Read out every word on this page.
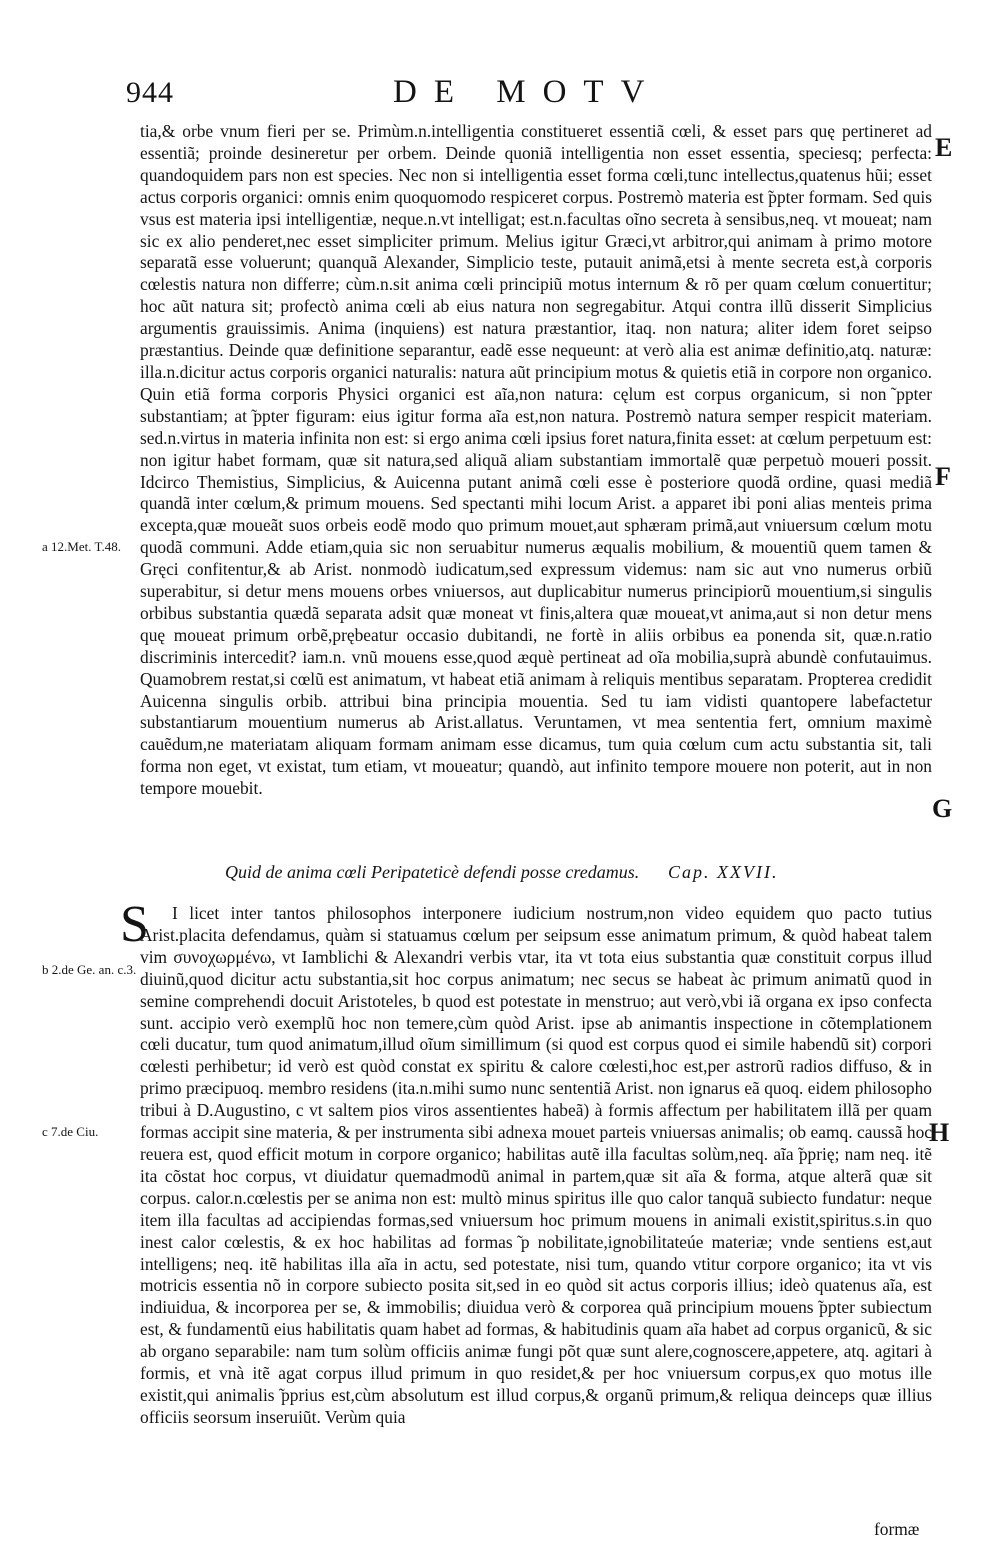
944	DE MOTV

tia,& orbe vnum fieri per se. Primùm.n.intelligentia constitueret essentiã cœli, & esset pars quę pertineret ad essentiã; proinde desineretur per orbem. Deinde quoniã intelligentia non esset essentia, speciesq; perfecta: quandoquidem pars non est species. Nec non si intelligentia esset forma cœli,tunc intellectus,quatenus hũi; esset actus corporis organici: omnis enim quoquomodo respiceret corpus. Postremò materia est ̃ppter formam. Sed quis vsus est materia ipsi intelligentiæ, neque.n.vt intelligat; est.n.facultas oĩno secreta à sensibus,neq. vt moueat; nam sic ex alio penderet,nec esset simpliciter primum. Melius igitur Græci,vt arbitror,qui animam à primo motore separatã esse voluerunt; quanquã Alexander, Simplicio teste, putauit animã,etsi à mente secreta est,à corporis cœlestis natura non differre; cùm.n.sit anima cœli principiũ motus internum & rõ per quam cœlum conuertitur; hoc aũt natura sit; profectò anima cœli ab eius natura non segregabitur. Atqui contra illũ disserit Simplicius argumentis grauissimis. Anima (inquiens) est natura præstantior, itaq. non natura; aliter idem foret seipso præstantius. Deinde quæ definitione separantur, eadẽ esse nequeunt: at verò alia est animæ definitio,atq. naturæ: illa.n.dicitur actus corporis organici naturalis: natura aũt principium motus & quietis etiã in corpore non organico. Quin etiã forma corporis Physici organici est aĩa,non natura: cęlum est corpus organicum, si non ̃ppter substantiam; at ̃ppter figuram: eius igitur forma aĩa est,non natura. Postremò natura semper respicit materiam. sed.n.virtus in materia infinita non est: si ergo anima cœli ipsius foret natura,finita esset: at cœlum perpetuum est: non igitur habet formam, quæ sit natura,sed aliquã aliam substantiam immortalẽ quæ perpetuò moueri possit. Idcirco Themistius, Simplicius, & Auicenna putant animã cœli esse è posteriore quodã ordine, quasi mediã quandã inter cœlum,& primum mouens. Sed spectanti mihi locum Arist. a apparet ibi poni alias menteis prima excepta,quæ moueãt suos orbeis eodẽ modo quo primum mouet,aut sphæram primã,aut vniuersum cœlum motu quodã communi. Adde etiam,quia sic non seruabitur numerus æqualis mobilium, & mouentiũ quem tamen & Gręci confitentur,& ab Arist. nonmodò iudicatum,sed expressum videmus: nam sic aut vno numerus orbiũ superabitur, si detur mens mouens orbes vniuersos, aut duplicabitur numerus principiorũ mouentium,si singulis orbibus substantia quædã separata adsit quæ moneat vt finis,altera quæ moueat,vt anima,aut si non detur mens quę moueat primum orbẽ,prębeatur occasio dubitandi, ne fortè in aliis orbibus ea ponenda sit, quæ.n.ratio discriminis intercedit? iam.n. vnũ mouens esse,quod æquè pertineat ad oĩa mobilia,suprà abundè confutauimus. Quamobrem restat,si cœlũ est animatum, vt habeat etiã animam à reliquis mentibus separatam. Propterea credidit Auicenna singulis orbib. attribui bina principia mouentia. Sed tu iam vidisti quantopere labefactetur substantiarum mouentium numerus ab Arist.allatus. Veruntamen, vt mea sententia fert, omnium maximè cauẽdum,ne materiatam aliquam formam animam esse dicamus, tum quia cœlum cum actu substantia sit, tali forma non eget, vt existat, tum etiam, vt moueatur; quandò, aut infinito tempore mouere non poterit, aut in non tempore mouebit.

Quid de anima cœli Peripateticè defendi posse credamus. Cap. XXVII.
S	I licet inter tantos philosophos interponere iudicium nostrum,non video equidem quo pacto tutius Arist.placita defendamus, quàm si statuamus cœlum per seipsum esse animatum primum, & quòd habeat talem vim συνοχωρμένω, vt Iamblichi & Alexandri verbis vtar, ita vt tota eius substantia quæ constituit corpus illud diuinũ,quod dicitur actu substantia,sit hoc corpus animatum; nec secus se habeat àc primum animatũ quod in semine comprehendi docuit Aristoteles, b quod est potestate in menstruo; aut verò,vbi iã organa ex ipso confecta sunt. accipio verò exemplũ hoc non temere,cùm quòd Arist. ipse ab animantis inspectione in cõtemplationem cœli ducatur, tum quod animatum,illud oĩum simillimum (si quod est corpus quod ei simile habendũ sit) corpori cœlesti perhibetur; id verò est quòd constat ex spiritu & calore cœlesti,hoc est,per astrorũ radios diffuso, & in primo præcipuoq. membro residens (ita.n.mihi sumo nunc sententiã Arist. non ignarus eã quoq. eidem philosopho tribui à D.Augustino, c vt saltem pios viros assentientes habeã) à formis affectum per habilitatem illã per quam formas accipit sine materia, & per instrumenta sibi adnexa mouet parteis vniuersas animalis; ob eamq. caussã hoc reuera est, quod efficit motum in corpore organico; habilitas autẽ illa facultas solùm,neq. aĩa ̃pprię; nam neq. itẽ ita cõstat hoc corpus, vt diuidatur quemadmodũ animal in partem,quæ sit aĩa & forma, atque alterã quæ sit corpus. calor.n.cœlestis per se anima non est: multò minus spiritus ille quo calor tanquã subiecto fundatur: neque item illa facultas ad accipiendas formas,sed vniuersum hoc primum mouens in animali existit,spiritus.s.in quo inest calor cœlestis, & ex hoc habilitas ad formas ̃p nobilitate,ignobilitateúe materiæ; vnde sentiens est,aut intelligens; neq. itẽ habilitas illa aĩa in actu, sed potestate, nisi tum, quando vtitur corpore organico; ita vt vis motricis essentia nõ in corpore subiecto posita sit,sed in eo quòd sit actus corporis illius; ideò quatenus aĩa, est indiuidua, & incorporea per se, & immobilis; diuidua verò & corporea quã principium mouens ̃ppter subiectum est, & fundamentũ eius habilitatis quam habet ad formas, & habitudinis quam aĩa habet ad corpus organicũ, & sic ab organo separabile: nam tum solùm officiis animæ fungi põt quæ sunt alere,cognoscere,appetere, atq. agitari à formis, et vnà itẽ agat corpus illud primum in quo residet,& per hoc vniuersum corpus,ex quo motus ille existit,qui animalis ̃pprius est,cùm absolutum est illud corpus,& organũ primum,& reliqua deinceps quæ illius officiis seorsum inseruiũt. Verùm quia

a 12.Met. T.48.
b 2.de Ge. an. c.3.
c 7.de Ciu.
E
F
G
H
formæ
